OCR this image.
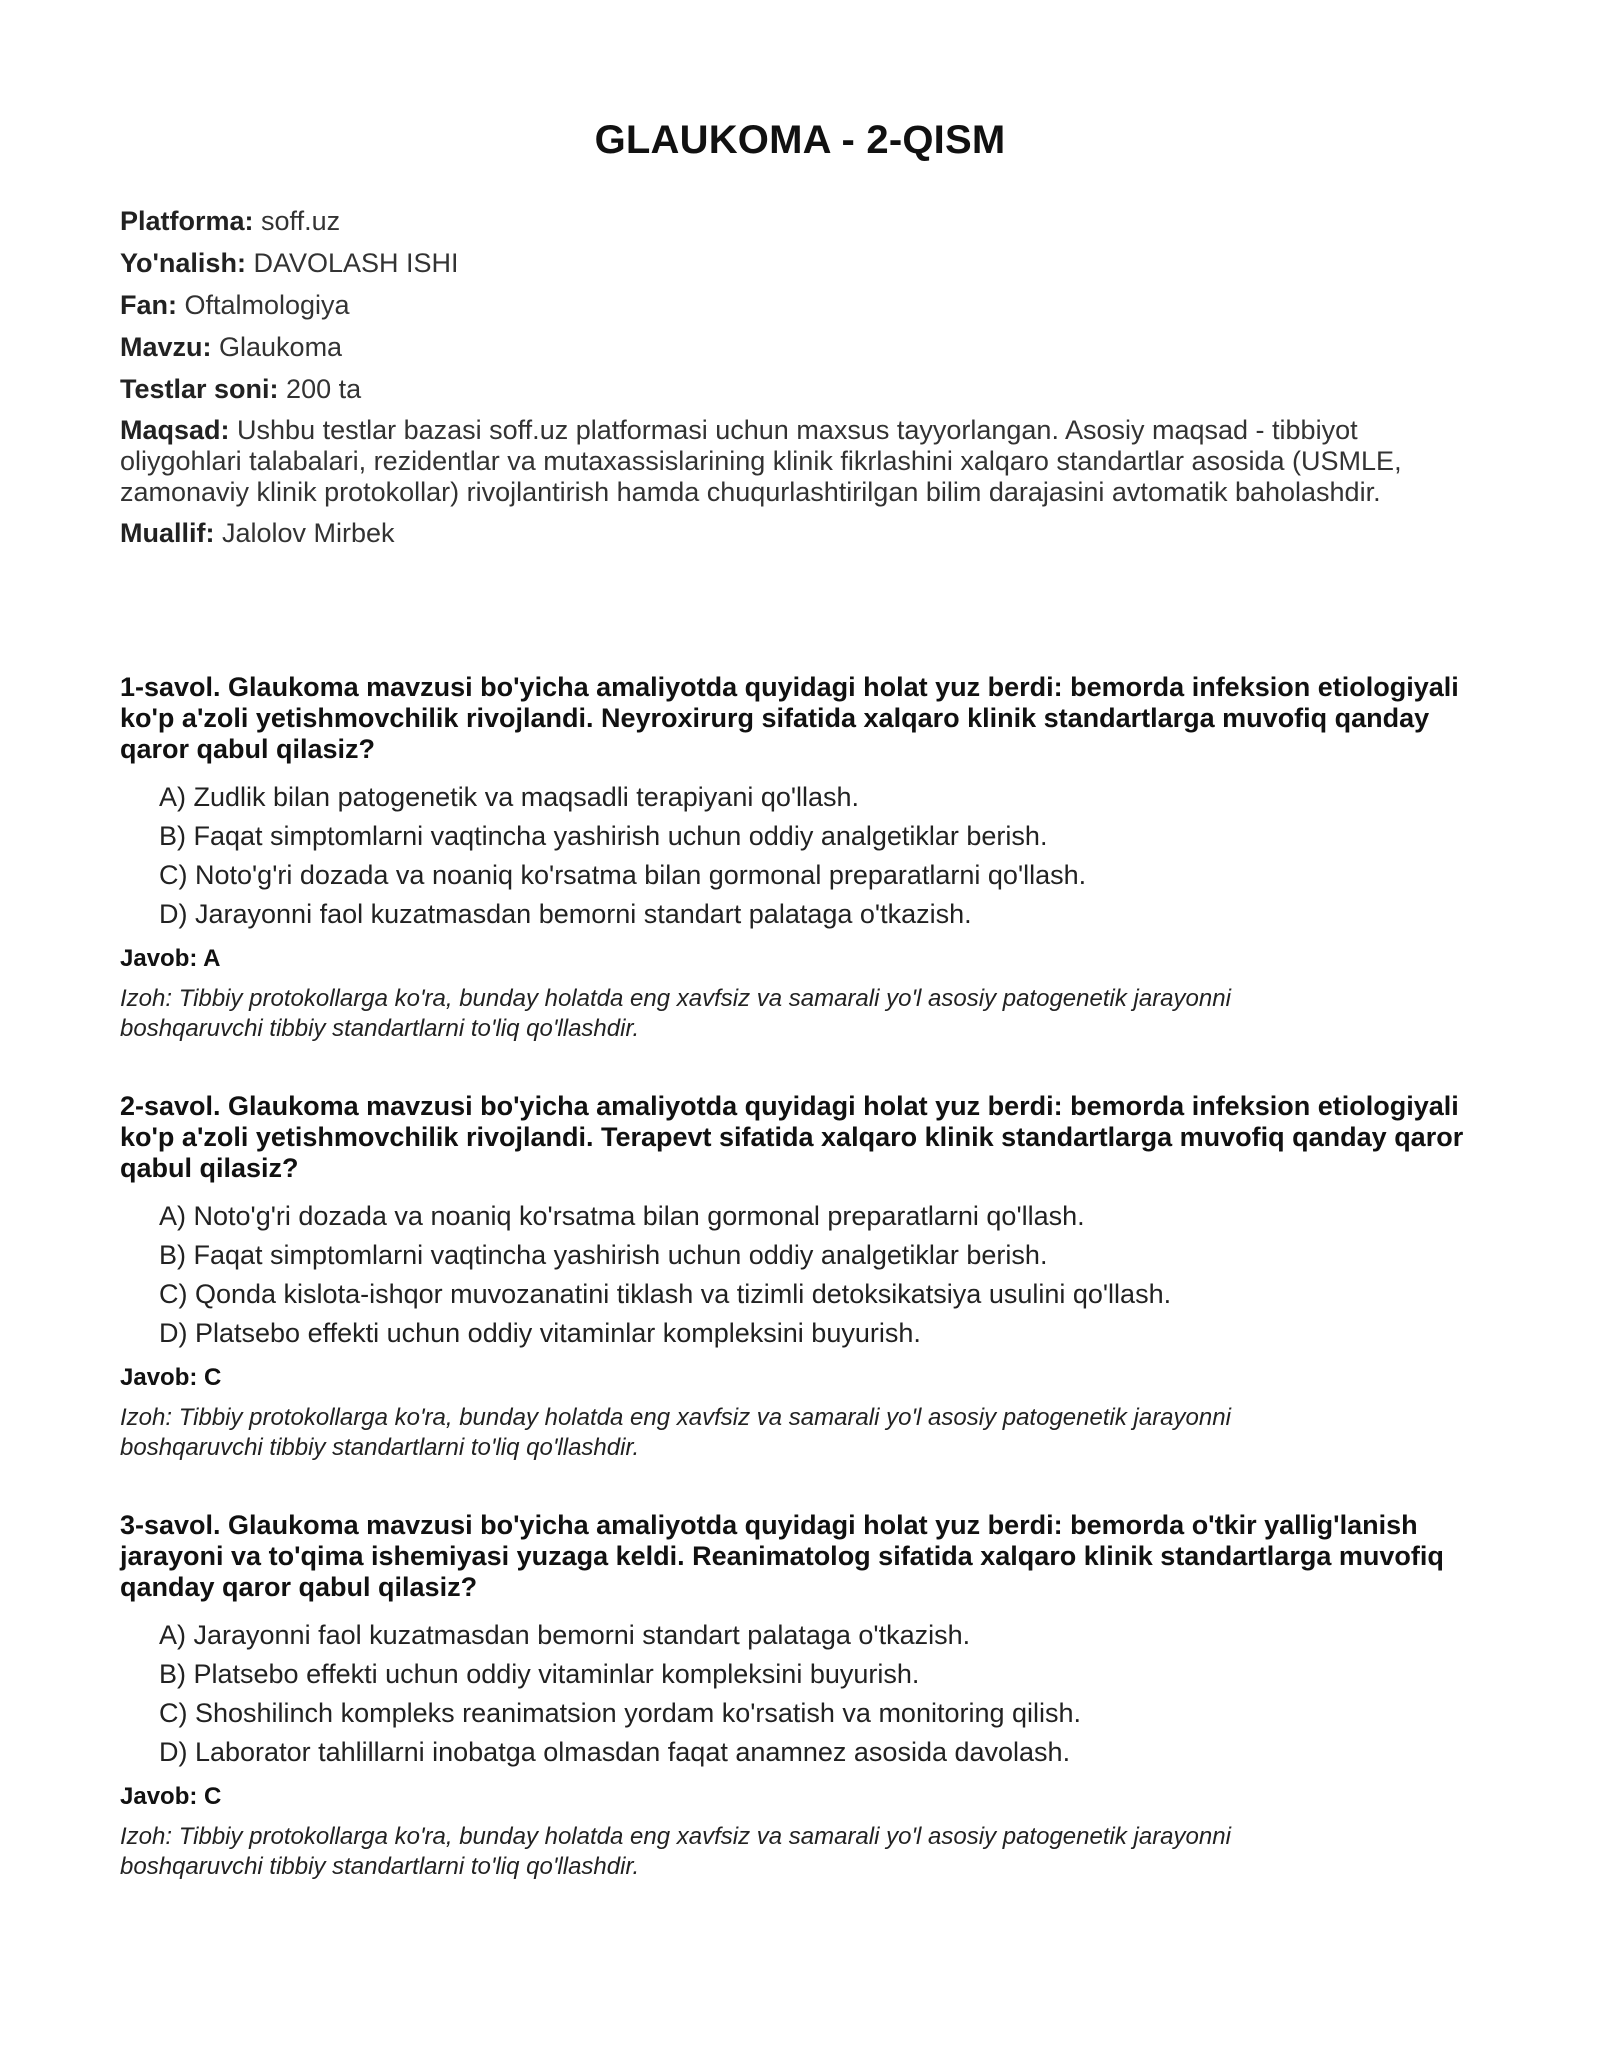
GLAUKOMA - 2-QISM
Platforma: soff.uz
Yo'nalish: DAVOLASH ISHI
Fan: Oftalmologiya
Mavzu: Glaukoma
Testlar soni: 200 ta
Maqsad: Ushbu testlar bazasi soff.uz platformasi uchun maxsus tayyorlangan. Asosiy maqsad - tibbiyot oliygohlari talabalari, rezidentlar va mutaxassislarining klinik fikrlashini xalqaro standartlar asosida (USMLE, zamonaviy klinik protokollar) rivojlantirish hamda chuqurlashtirilgan bilim darajasini avtomatik baholashdir.
Muallif: Jalolov Mirbek
1-savol. Glaukoma mavzusi bo'yicha amaliyotda quyidagi holat yuz berdi: bemorda infeksion etiologiyali ko'p a'zoli yetishmovchilik rivojlandi. Neyroxirurg sifatida xalqaro klinik standartlarga muvofiq qanday qaror qabul qilasiz?
A) Zudlik bilan patogenetik va maqsadli terapiyani qo'llash.
B) Faqat simptomlarni vaqtincha yashirish uchun oddiy analgetiklar berish.
C) Noto'g'ri dozada va noaniq ko'rsatma bilan gormonal preparatlarni qo'llash.
D) Jarayonni faol kuzatmasdan bemorni standart palataga o'tkazish.
Javob: A
Izoh: Tibbiy protokollarga ko'ra, bunday holatda eng xavfsiz va samarali yo'l asosiy patogenetik jarayonni boshqaruvchi tibbiy standartlarni to'liq qo'llashdir.
2-savol. Glaukoma mavzusi bo'yicha amaliyotda quyidagi holat yuz berdi: bemorda infeksion etiologiyali ko'p a'zoli yetishmovchilik rivojlandi. Terapevt sifatida xalqaro klinik standartlarga muvofiq qanday qaror qabul qilasiz?
A) Noto'g'ri dozada va noaniq ko'rsatma bilan gormonal preparatlarni qo'llash.
B) Faqat simptomlarni vaqtincha yashirish uchun oddiy analgetiklar berish.
C) Qonda kislota-ishqor muvozanatini tiklash va tizimli detoksikatsiya usulini qo'llash.
D) Platsebo effekti uchun oddiy vitaminlar kompleksini buyurish.
Javob: C
Izoh: Tibbiy protokollarga ko'ra, bunday holatda eng xavfsiz va samarali yo'l asosiy patogenetik jarayonni boshqaruvchi tibbiy standartlarni to'liq qo'llashdir.
3-savol. Glaukoma mavzusi bo'yicha amaliyotda quyidagi holat yuz berdi: bemorda o'tkir yallig'lanish jarayoni va to'qima ishemiyasi yuzaga keldi. Reanimatolog sifatida xalqaro klinik standartlarga muvofiq qanday qaror qabul qilasiz?
A) Jarayonni faol kuzatmasdan bemorni standart palataga o'tkazish.
B) Platsebo effekti uchun oddiy vitaminlar kompleksini buyurish.
C) Shoshilinch kompleks reanimatsion yordam ko'rsatish va monitoring qilish.
D) Laborator tahlillarni inobatga olmasdan faqat anamnez asosida davolash.
Javob: C
Izoh: Tibbiy protokollarga ko'ra, bunday holatda eng xavfsiz va samarali yo'l asosiy patogenetik jarayonni boshqaruvchi tibbiy standartlarni to'liq qo'llashdir.
